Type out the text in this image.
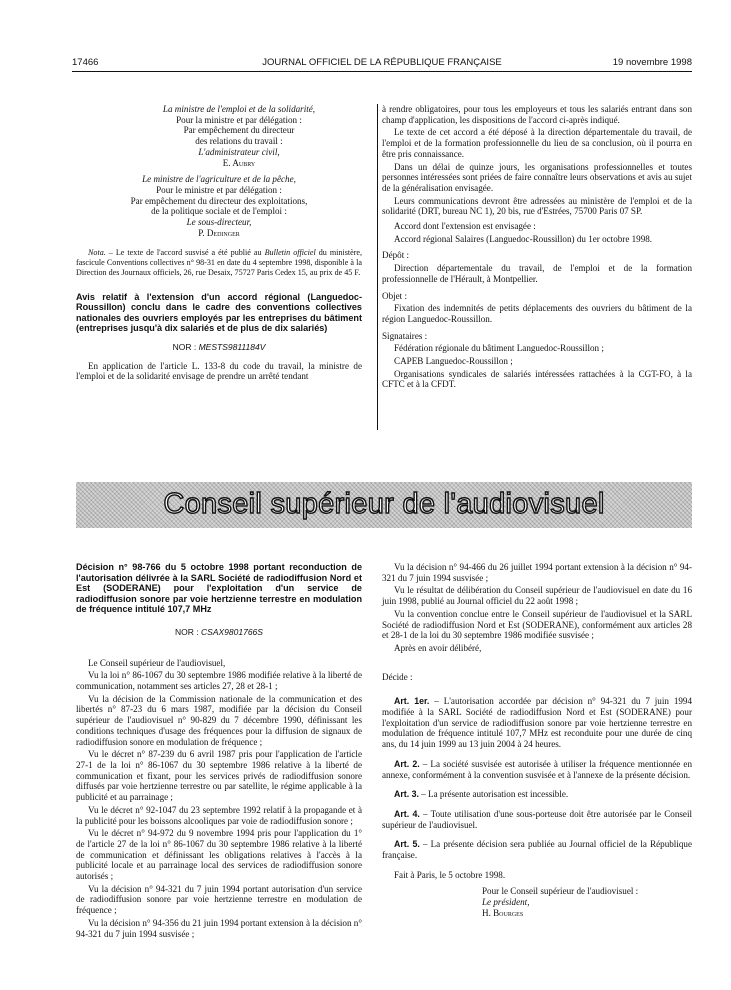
17466	JOURNAL OFFICIEL DE LA RÉPUBLIQUE FRANÇAISE	19 novembre 1998
La ministre de l'emploi et de la solidarité,
Pour la ministre et par délégation :
Par empêchement du directeur
des relations du travail :
L'administrateur civil,
E. Aubry
Le ministre de l'agriculture et de la pêche,
Pour le ministre et par délégation :
Par empêchement du directeur des exploitations,
de la politique sociale et de l'emploi :
Le sous-directeur,
P. Dedinger

Nota. – Le texte de l'accord susvisé a été publié au Bulletin officiel du ministère, fascicule Conventions collectives n° 98-31 en date du 4 septembre 1998, disponible à la Direction des Journaux officiels, 26, rue Desaix, 75727 Paris Cedex 15, au prix de 45 F.

Avis relatif à l'extension d'un accord régional (Languedoc-Roussillon) conclu dans le cadre des conventions collectives nationales des ouvriers employés par les entreprises du bâtiment (entreprises jusqu'à dix salariés et de plus de dix salariés)
NOR : MESTS9811184V

En application de l'article L. 133-8 du code du travail, la ministre de l'emploi et de la solidarité envisage de prendre un arrêté tendant

à rendre obligatoires, pour tous les employeurs et tous les salariés entrant dans son champ d'application, les dispositions de l'accord ci-après indiqué.

Le texte de cet accord a été déposé à la direction départementale du travail, de l'emploi et de la formation professionnelle du lieu de sa conclusion, où il pourra en être pris connaissance.

Dans un délai de quinze jours, les organisations professionnelles et toutes personnes intéressées sont priées de faire connaître leurs observations et avis au sujet de la généralisation envisagée.

Leurs communications devront être adressées au ministère de l'emploi et de la solidarité (DRT, bureau NC 1), 20 bis, rue d'Estrées, 75700 Paris 07 SP.

Accord dont l'extension est envisagée :

Accord régional Salaires (Languedoc-Roussillon) du 1er octobre 1998.

Dépôt :

Direction départementale du travail, de l'emploi et de la formation professionnelle de l'Hérault, à Montpellier.

Objet :

Fixation des indemnités de petits déplacements des ouvriers du bâtiment de la région Languedoc-Roussillon.

Signataires :

Fédération régionale du bâtiment Languedoc-Roussillon ;

CAPEB Languedoc-Roussillon ;

Organisations syndicales de salariés intéressées rattachées à la CGT-FO, à la CFTC et à la CFDT.

Conseil supérieur de l'audiovisuel
Décision n° 98-766 du 5 octobre 1998 portant reconduction de l'autorisation délivrée à la SARL Société de radiodiffusion Nord et Est (SODERANE) pour l'exploitation d'un service de radiodiffusion sonore par voie hertzienne terrestre en modulation de fréquence intitulé 107,7 MHz
NOR : CSAX9801766S

Le Conseil supérieur de l'audiovisuel,

Vu la loi n° 86-1067 du 30 septembre 1986 modifiée relative à la liberté de communication, notamment ses articles 27, 28 et 28-1 ;

Vu la décision de la Commission nationale de la communication et des libertés n° 87-23 du 6 mars 1987, modifiée par la décision du Conseil supérieur de l'audiovisuel n° 90-829 du 7 décembre 1990, définissant les conditions techniques d'usage des fréquences pour la diffusion de signaux de radiodiffusion sonore en modulation de fréquence ;

Vu le décret n° 87-239 du 6 avril 1987 pris pour l'application de l'article 27-1 de la loi n° 86-1067 du 30 septembre 1986 relative à la liberté de communication et fixant, pour les services privés de radiodiffusion sonore diffusés par voie hertzienne terrestre ou par satellite, le régime applicable à la publicité et au parrainage ;

Vu le décret n° 92-1047 du 23 septembre 1992 relatif à la propagande et à la publicité pour les boissons alcooliques par voie de radiodiffusion sonore ;

Vu le décret n° 94-972 du 9 novembre 1994 pris pour l'application du 1° de l'article 27 de la loi n° 86-1067 du 30 septembre 1986 relative à la liberté de communication et définissant les obligations relatives à l'accès à la publicité locale et au parrainage local des services de radiodiffusion sonore autorisés ;

Vu la décision n° 94-321 du 7 juin 1994 portant autorisation d'un service de radiodiffusion sonore par voie hertzienne terrestre en modulation de fréquence ;

Vu la décision n° 94-356 du 21 juin 1994 portant extension à la décision n° 94-321 du 7 juin 1994 susvisée ;

Vu la décision n° 94-466 du 26 juillet 1994 portant extension à la décision n° 94-321 du 7 juin 1994 susvisée ;

Vu le résultat de délibération du Conseil supérieur de l'audiovisuel en date du 16 juin 1998, publié au Journal officiel du 22 août 1998 ;

Vu la convention conclue entre le Conseil supérieur de l'audiovisuel et la SARL Société de radiodiffusion Nord et Est (SODERANE), conformément aux articles 28 et 28-1 de la loi du 30 septembre 1986 modifiée susvisée ;

Après en avoir délibéré,

Décide :

Art. 1er. – L'autorisation accordée par décision n° 94-321 du 7 juin 1994 modifiée à la SARL Société de radiodiffusion Nord et Est (SODERANE) pour l'exploitation d'un service de radiodiffusion sonore par voie hertzienne terrestre en modulation de fréquence intitulé 107,7 MHz est reconduite pour une durée de cinq ans, du 14 juin 1999 au 13 juin 2004 à 24 heures.

Art. 2. – La société susvisée est autorisée à utiliser la fréquence mentionnée en annexe, conformément à la convention susvisée et à l'annexe de la présente décision.

Art. 3. – La présente autorisation est incessible.

Art. 4. – Toute utilisation d'une sous-porteuse doit être autorisée par le Conseil supérieur de l'audiovisuel.

Art. 5. – La présente décision sera publiée au Journal officiel de la République française.

Fait à Paris, le 5 octobre 1998.

Pour le Conseil supérieur de l'audiovisuel :

Le président,

H. Bourges
